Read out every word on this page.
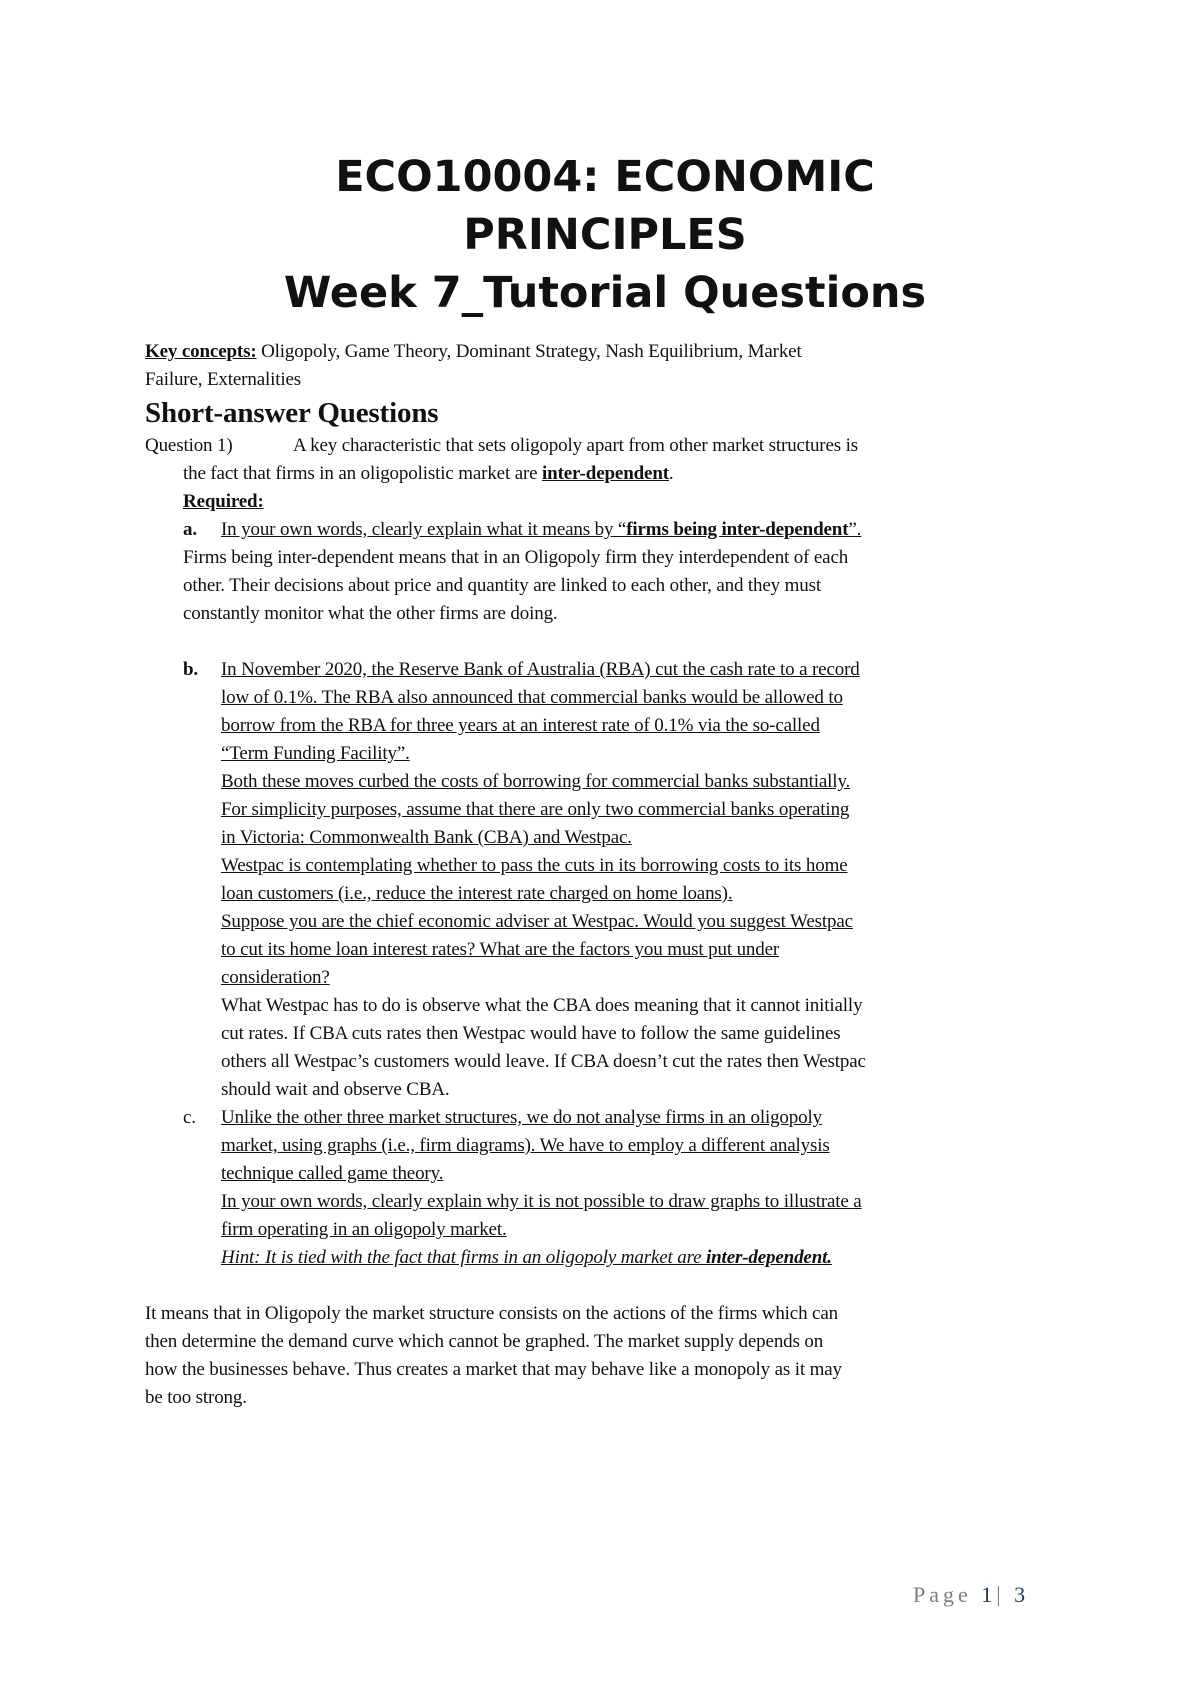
ECO10004: ECONOMIC
PRINCIPLES
Week 7_Tutorial Questions
Key concepts: Oligopoly, Game Theory, Dominant Strategy, Nash Equilibrium, Market
Failure, Externalities
Short-answer Questions
Question 1)	A key characteristic that sets oligopoly apart from other market structures is
the fact that firms in an oligopolistic market are inter-dependent.
Required:
a. In your own words, clearly explain what it means by “firms being inter-dependent”.
Firms being inter-dependent means that in an Oligopoly firm they interdependent of each
other. Their decisions about price and quantity are linked to each other, and they must
constantly monitor what the other firms are doing.
b. In November 2020, the Reserve Bank of Australia (RBA) cut the cash rate to a record
low of 0.1%. The RBA also announced that commercial banks would be allowed to
borrow from the RBA for three years at an interest rate of 0.1% via the so-called
“Term Funding Facility”.
Both these moves curbed the costs of borrowing for commercial banks substantially.
For simplicity purposes, assume that there are only two commercial banks operating
in Victoria: Commonwealth Bank (CBA) and Westpac.
Westpac is contemplating whether to pass the cuts in its borrowing costs to its home
loan customers (i.e., reduce the interest rate charged on home loans).
Suppose you are the chief economic adviser at Westpac. Would you suggest Westpac
to cut its home loan interest rates? What are the factors you must put under
consideration?
What Westpac has to do is observe what the CBA does meaning that it cannot initially
cut rates. If CBA cuts rates then Westpac would have to follow the same guidelines
others all Westpac’s customers would leave. If CBA doesn’t cut the rates then Westpac
should wait and observe CBA.
c. Unlike the other three market structures, we do not analyse firms in an oligopoly
market, using graphs (i.e., firm diagrams). We have to employ a different analysis
technique called game theory.
In your own words, clearly explain why it is not possible to draw graphs to illustrate a
firm operating in an oligopoly market.
Hint: It is tied with the fact that firms in an oligopoly market are inter-dependent.
It means that in Oligopoly the market structure consists on the actions of the firms which can
then determine the demand curve which cannot be graphed. The market supply depends on
how the businesses behave. Thus creates a market that may behave like a monopoly as it may
be too strong.
Page 1| 3
